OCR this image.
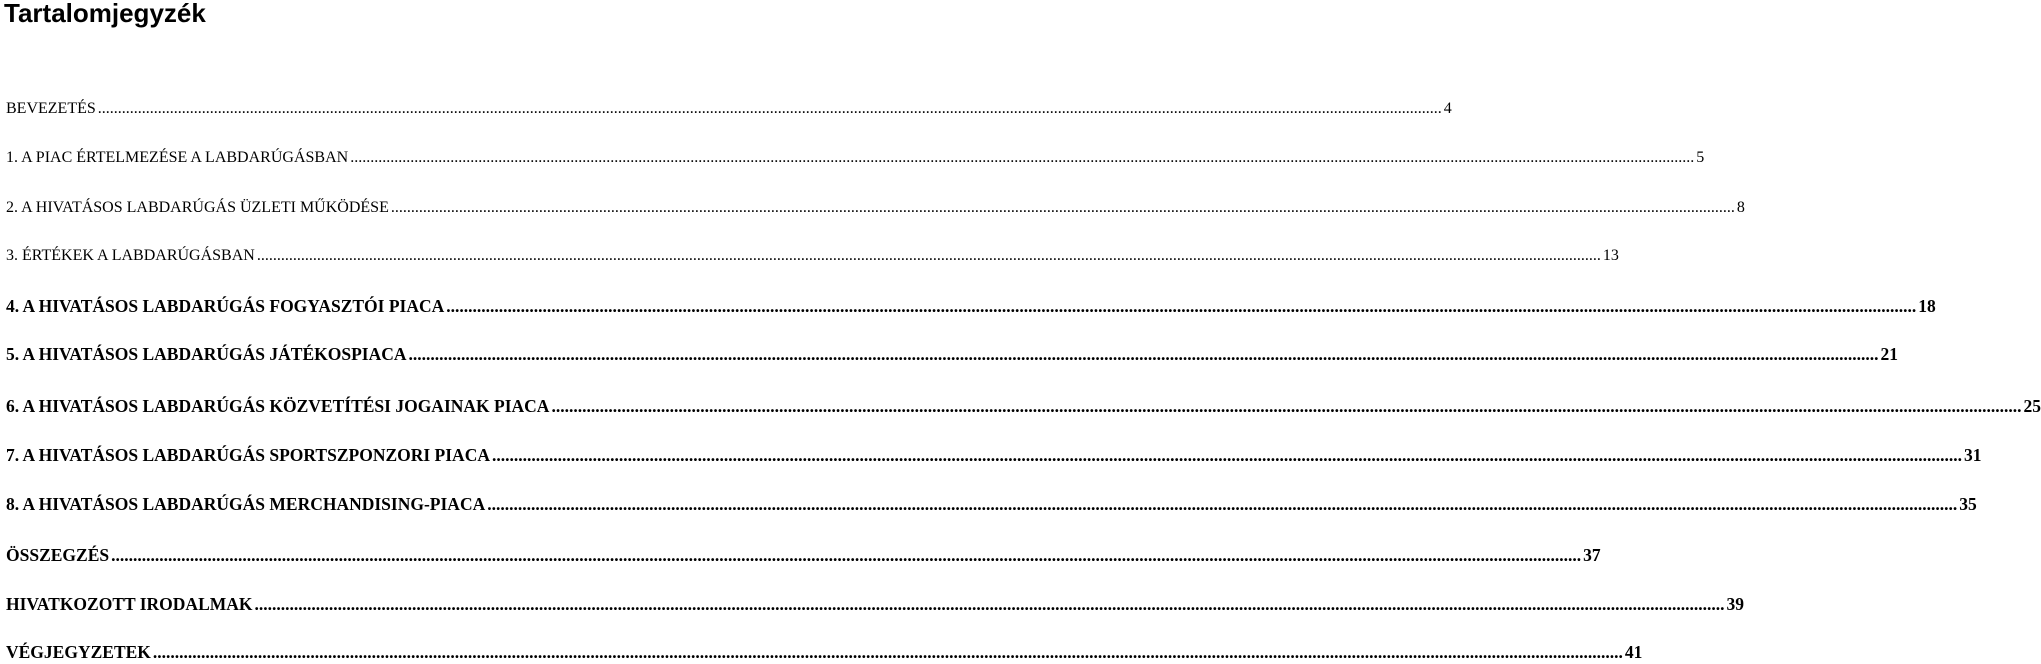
Tartalomjegyzék
BEVEZETÉS .....	4
1. A PIAC ÉRTELMEZÉSE A LABDARÚGÁSBAN .....	5
2. A HIVATÁSOS LABDARÚGÁS ÜZLETI MŰKÖDÉSE .....	8
3. ÉRTÉKEK A LABDARÚGÁSBAN .....	13
4. A HIVATÁSOS LABDARÚGÁS FOGYASZTÓI PIACA .....	18
5. A HIVATÁSOS LABDARÚGÁS JÁTÉKOSPIACA .....	21
6. A HIVATÁSOS LABDARÚGÁS KÖZVETÍTÉSI JOGAINAK PIACA .....	25
7. A HIVATÁSOS LABDARÚGÁS SPORTSZPONZORI PIACA .....	31
8. A HIVATÁSOS LABDARÚGÁS MERCHANDISING-PIACA .....	35
ÖSSZEGZÉS .....	37
HIVATKOZOTT IRODALMAK .....	39
VÉGJEGYZETEK .....	41
